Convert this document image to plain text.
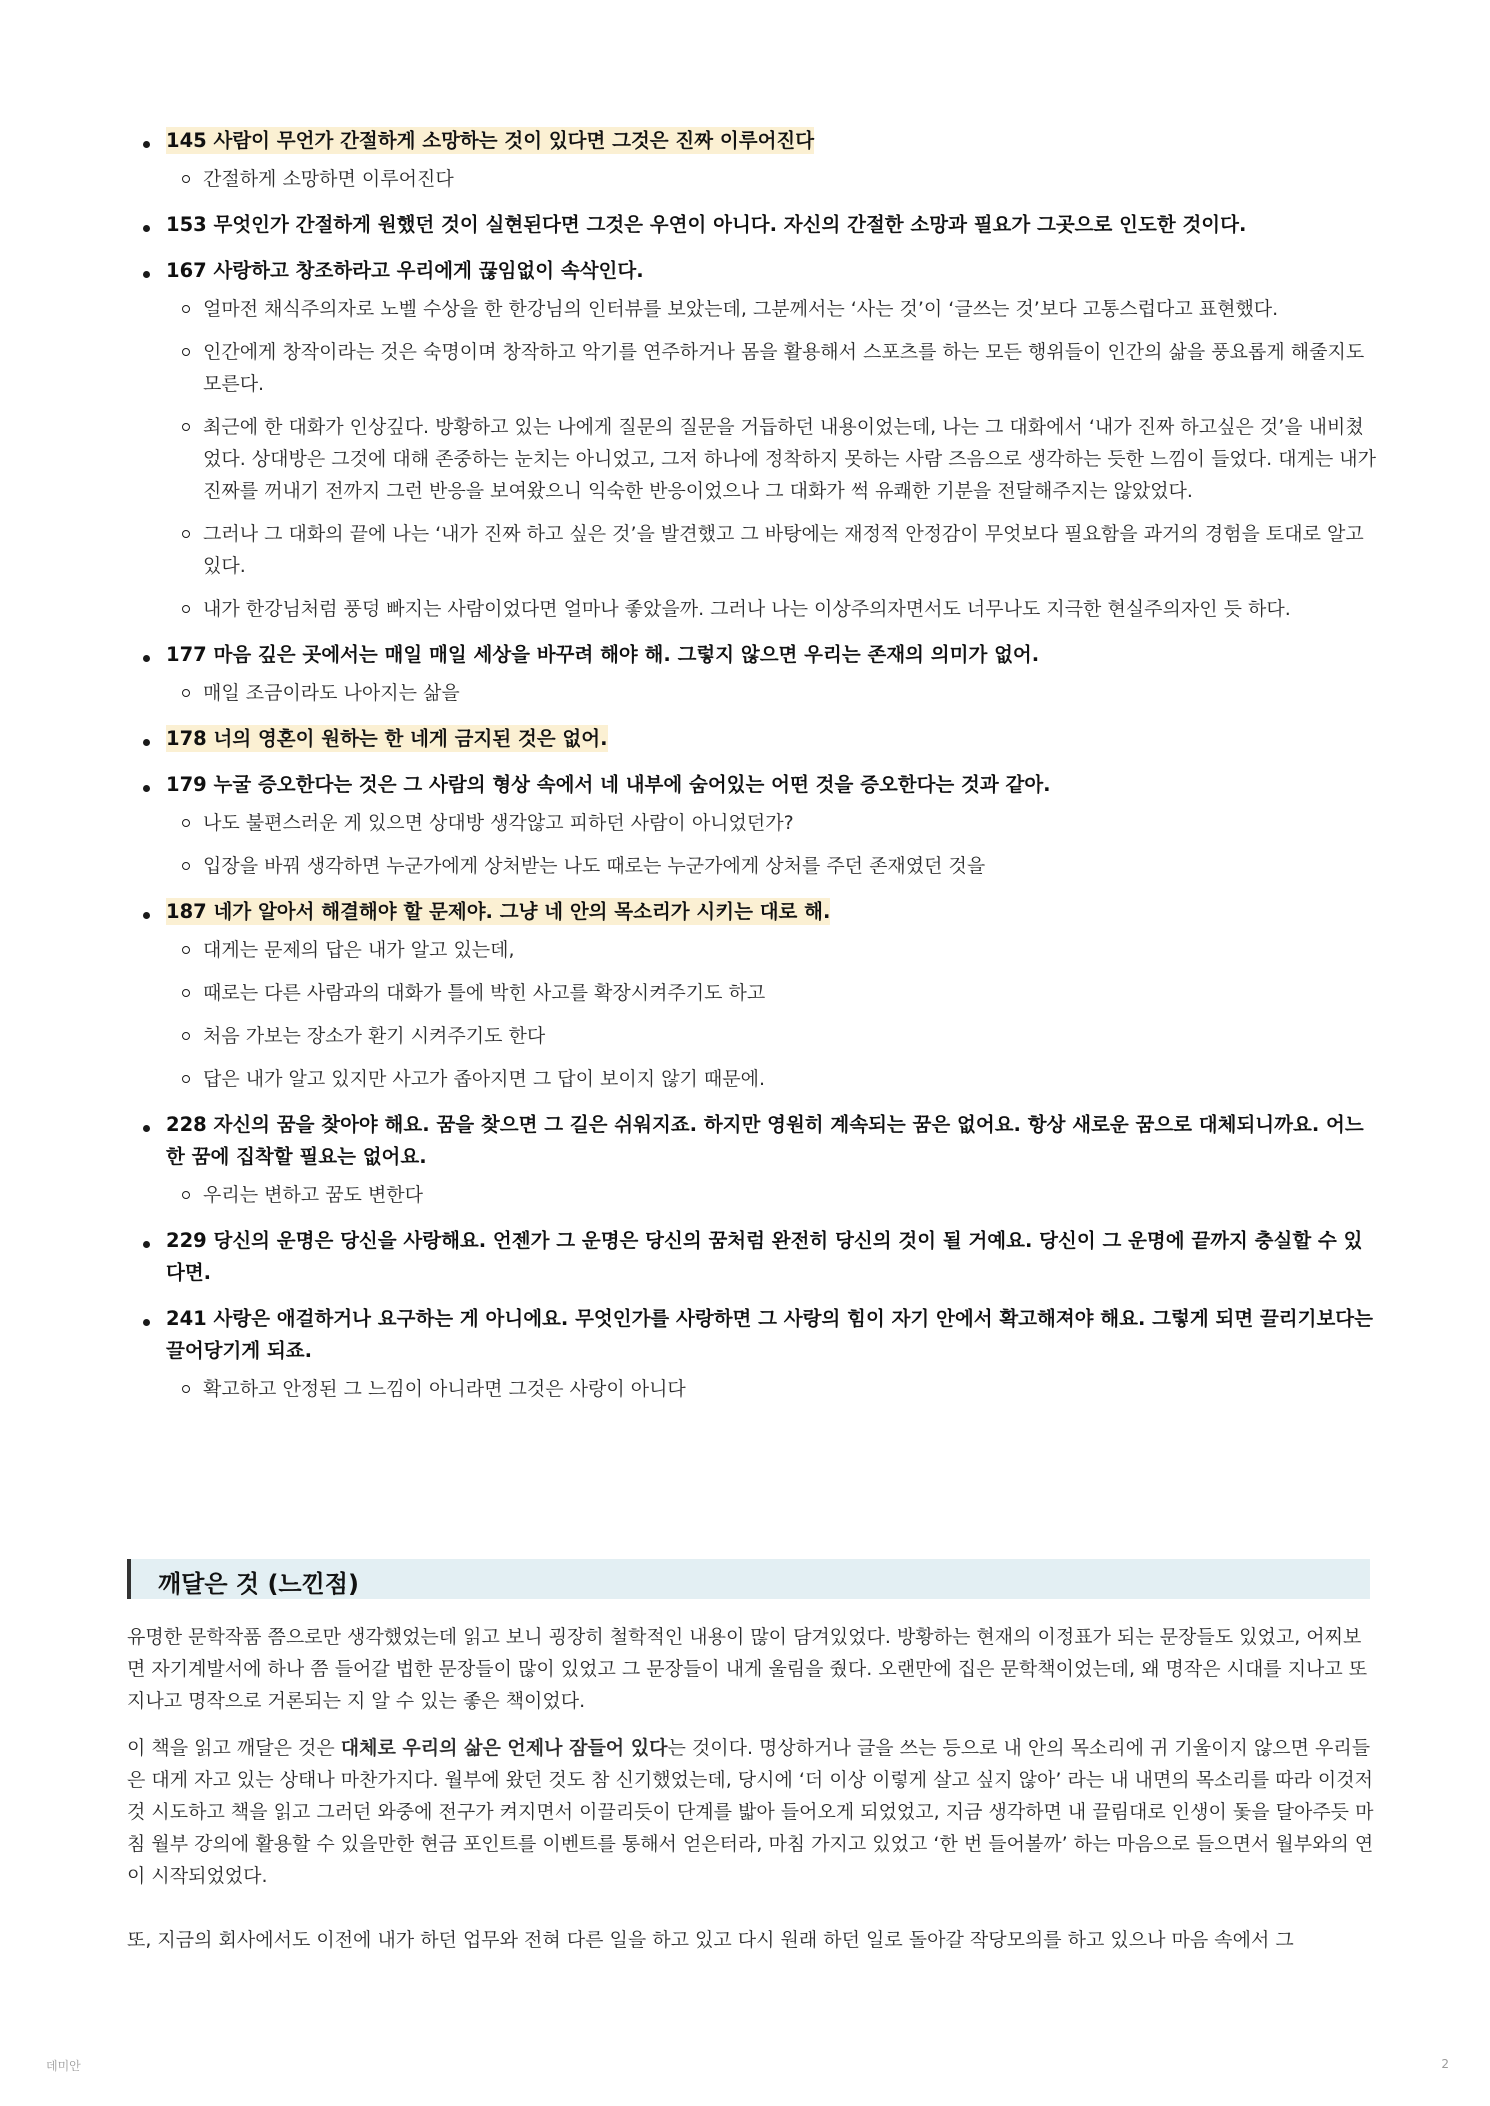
145 사람이 무언가 간절하게 소망하는 것이 있다면 그것은 진짜 이루어진다
간절하게 소망하면 이루어진다
153 무엇인가 간절하게 원했던 것이 실현된다면 그것은 우연이 아니다. 자신의 간절한 소망과 필요가 그곳으로 인도한 것이다.
167 사랑하고 창조하라고 우리에게 끊임없이 속삭인다.
얼마전 채식주의자로 노벨 수상을 한 한강님의 인터뷰를 보았는데, 그분께서는 ‘사는 것’이 ‘글쓰는 것’보다 고통스럽다고 표현했다.
인간에게 창작이라는 것은 숙명이며 창작하고 악기를 연주하거나 몸을 활용해서 스포츠를 하는 모든 행위들이 인간의 삶을 풍요롭게 해줄지도 모른다.
최근에 한 대화가 인상깊다. 방황하고 있는 나에게 질문의 질문을 거듭하던 내용이었는데, 나는 그 대화에서 ‘내가 진짜 하고싶은 것’을 내비쳤었다. 상대방은 그것에 대해 존중하는 눈치는 아니었고, 그저 하나에 정착하지 못하는 사람 즈음으로 생각하는 듯한 느낌이 들었다. 대게는 내가 진짜를 꺼내기 전까지 그런 반응을 보여왔으니 익숙한 반응이었으나 그 대화가 썩 유쾌한 기분을 전달해주지는 않았었다.
그러나 그 대화의 끝에 나는 ‘내가 진짜 하고 싶은 것’을 발견했고 그 바탕에는 재정적 안정감이 무엇보다 필요함을 과거의 경험을 토대로 알고 있다.
내가 한강님처럼 풍덩 빠지는 사람이었다면 얼마나 좋았을까. 그러나 나는 이상주의자면서도 너무나도 지극한 현실주의자인 듯 하다.
177 마음 깊은 곳에서는 매일 매일 세상을 바꾸려 해야 해. 그렇지 않으면 우리는 존재의 의미가 없어.
매일 조금이라도 나아지는 삶을
178 너의 영혼이 원하는 한 네게 금지된 것은 없어.
179 누굴 증오한다는 것은 그 사람의 형상 속에서 네 내부에 숨어있는 어떤 것을 증오한다는 것과 같아.
나도 불편스러운 게 있으면 상대방 생각않고 피하던 사람이 아니었던가?
입장을 바꿔 생각하면 누군가에게 상처받는 나도 때로는 누군가에게 상처를 주던 존재였던 것을
187 네가 알아서 해결해야 할 문제야. 그냥 네 안의 목소리가 시키는 대로 해.
대게는 문제의 답은 내가 알고 있는데,
때로는 다른 사람과의 대화가 틀에 박힌 사고를 확장시켜주기도 하고
처음 가보는 장소가 환기 시켜주기도 한다
답은 내가 알고 있지만 사고가 좁아지면 그 답이 보이지 않기 때문에.
228 자신의 꿈을 찾아야 해요. 꿈을 찾으면 그 길은 쉬워지죠. 하지만 영원히 계속되는 꿈은 없어요. 항상 새로운 꿈으로 대체되니까요. 어느 한 꿈에 집착할 필요는 없어요.
우리는 변하고 꿈도 변한다
229 당신의 운명은 당신을 사랑해요. 언젠가 그 운명은 당신의 꿈처럼 완전히 당신의 것이 될 거예요. 당신이 그 운명에 끝까지 충실할 수 있다면.
241 사랑은 애걸하거나 요구하는 게 아니에요. 무엇인가를 사랑하면 그 사랑의 힘이 자기 안에서 확고해져야 해요. 그렇게 되면 끌리기보다는 끌어당기게 되죠.
확고하고 안정된 그 느낌이 아니라면 그것은 사랑이 아니다
깨달은 것 (느낀점)

유명한 문학작품 쯤으로만 생각했었는데 읽고 보니 굉장히 철학적인 내용이 많이 담겨있었다. 방황하는 현재의 이정표가 되는 문장들도 있었고, 어찌보면 자기계발서에 하나 쯤 들어갈 법한 문장들이 많이 있었고 그 문장들이 내게 울림을 줬다. 오랜만에 집은 문학책이었는데, 왜 명작은 시대를 지나고 또 지나고 명작으로 거론되는 지 알 수 있는 좋은 책이었다.

이 책을 읽고 깨달은 것은 대체로 우리의 삶은 언제나 잠들어 있다는 것이다. 명상하거나 글을 쓰는 등으로 내 안의 목소리에 귀 기울이지 않으면 우리들은 대게 자고 있는 상태나 마찬가지다. 월부에 왔던 것도 참 신기했었는데, 당시에 ‘더 이상 이렇게 살고 싶지 않아’ 라는 내 내면의 목소리를 따라 이것저것 시도하고 책을 읽고 그러던 와중에 전구가 켜지면서 이끌리듯이 단계를 밟아 들어오게 되었었고, 지금 생각하면 내 끌림대로 인생이 돛을 달아주듯 마침 월부 강의에 활용할 수 있을만한 현금 포인트를 이벤트를 통해서 얻은터라, 마침 가지고 있었고 ‘한 번 들어볼까’ 하는 마음으로 들으면서 월부와의 연이 시작되었었다.

또, 지금의 회사에서도 이전에 내가 하던 업무와 전혀 다른 일을 하고 있고 다시 원래 하던 일로 돌아갈 작당모의를 하고 있으나 마음 속에서 그

데미안	2
